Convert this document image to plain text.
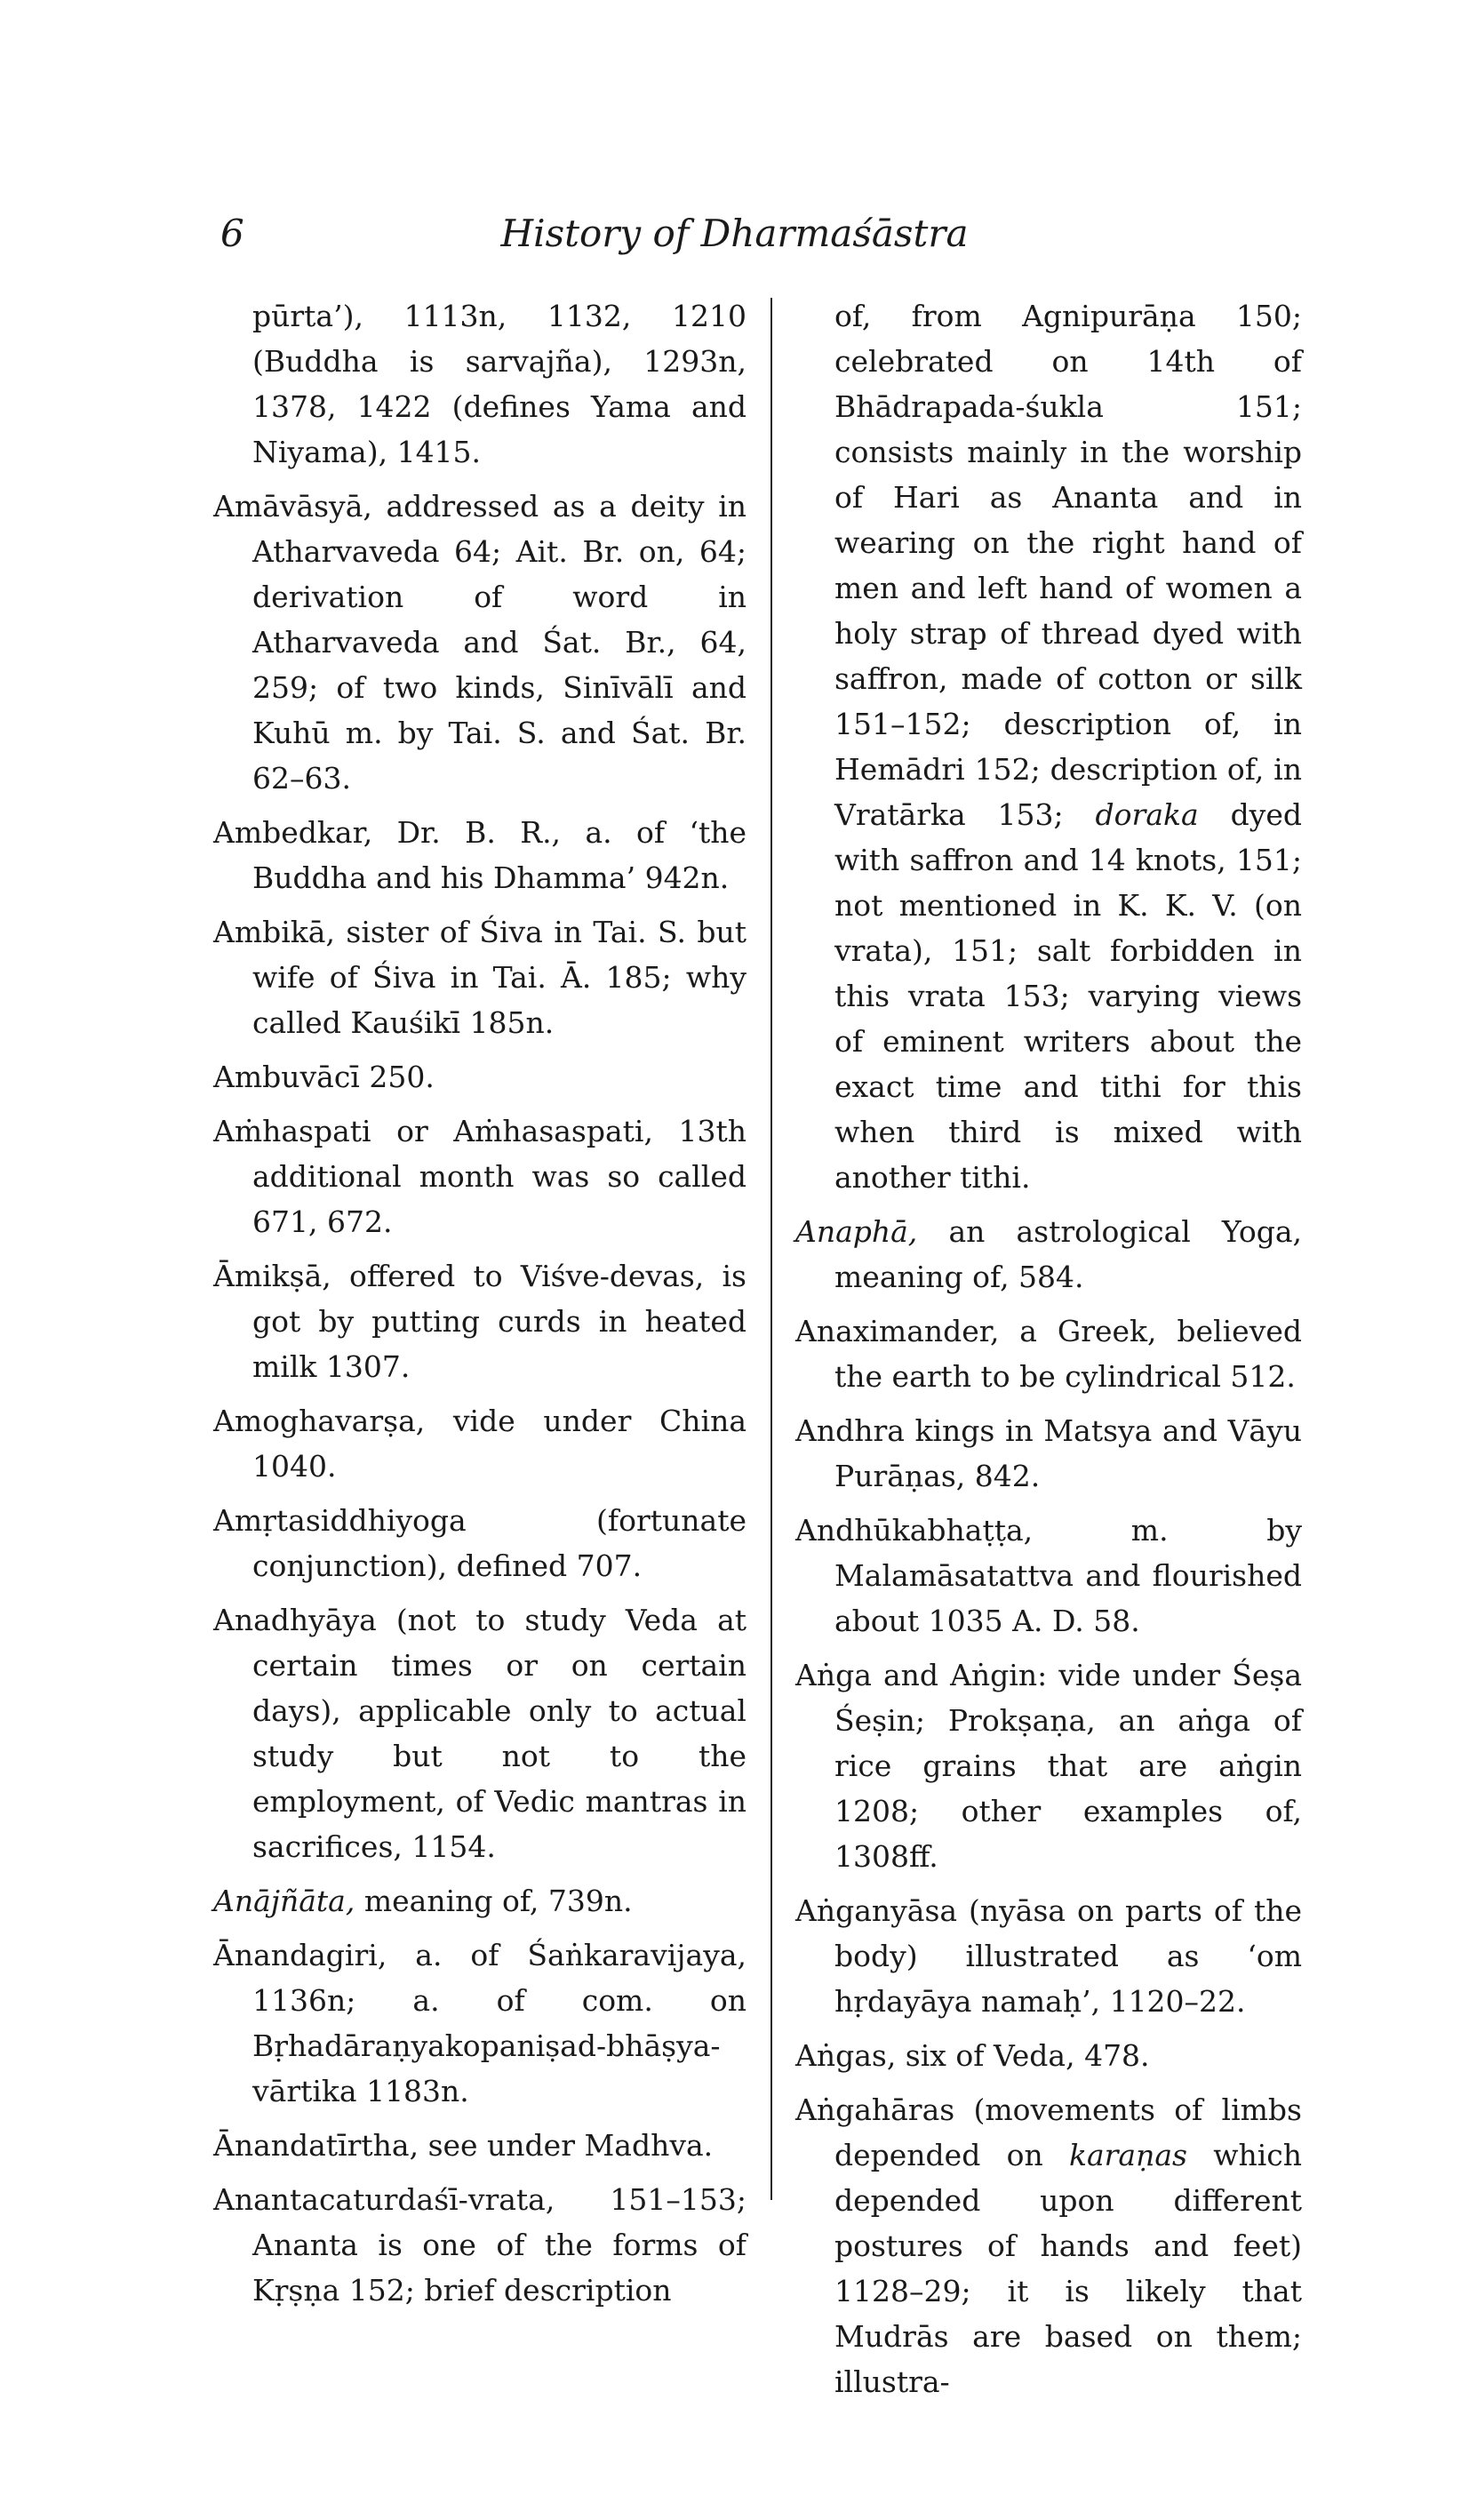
6	History of Dharmaśāstra

pūrta’), 1113n, 1132, 1210 (Buddha is sarvajña), 1293n, 1378, 1422 (defines Yama and Niyama), 1415.

Amāvāsyā, addressed as a deity in Atharvaveda 64; Ait. Br. on, 64; derivation of word in Atharvaveda and Śat. Br., 64, 259; of two kinds, Sinīvālī and Kuhū m. by Tai. S. and Śat. Br. 62–63.

Ambedkar, Dr. B. R., a. of ‘the Buddha and his Dhamma’ 942n.

Ambikā, sister of Śiva in Tai. S. but wife of Śiva in Tai. Ā. 185; why called Kauśikī 185n.

Ambuvācī 250.

Aṁhaspati or Aṁhasaspati, 13th additional month was so called 671, 672.

Āmikṣā, offered to Viśve-devas, is got by putting curds in heated milk 1307.

Amoghavarṣa, vide under China 1040.

Amṛtasiddhiyoga (fortunate conjunction), defined 707.

Anadhyāya (not to study Veda at certain times or on certain days), applicable only to actual study but not to the employment, of Vedic mantras in sacrifices, 1154.

Anājñāta, meaning of, 739n.

Ānandagiri, a. of Śaṅkaravijaya, 1136n; a. of com. on Bṛhadāraṇyakopaniṣad-bhāṣya-vārtika 1183n.

Ānandatīrtha, see under Madhva.

Anantacaturdaśī-vrata, 151–153; Ananta is one of the forms of Kṛṣṇa 152; brief description

of, from Agnipurāṇa 150; celebrated on 14th of Bhādrapada-śukla 151; consists mainly in the worship of Hari as Ananta and in wearing on the right hand of men and left hand of women a holy strap of thread dyed with saffron, made of cotton or silk 151–152; description of, in Hemādri 152; description of, in Vratārka 153; doraka dyed with saffron and 14 knots, 151; not mentioned in K. K. V. (on vrata), 151; salt forbidden in this vrata 153; varying views of eminent writers about the exact time and tithi for this when third is mixed with another tithi.

Anaphā, an astrological Yoga, meaning of, 584.

Anaximander, a Greek, believed the earth to be cylindrical 512.

Andhra kings in Matsya and Vāyu Purāṇas, 842.

Andhūkabhaṭṭa, m. by Malamāsatattva and flourished about 1035 A. D. 58.

Aṅga and Aṅgin: vide under Śeṣa Śeṣin; Prokṣaṇa, an aṅga of rice grains that are aṅgin 1208; other examples of, 1308ff.

Aṅganyāsa (nyāsa on parts of the body) illustrated as ‘om hṛdayāya namaḥ’, 1120–22.

Aṅgas, six of Veda, 478.

Aṅgahāras (movements of limbs depended on karaṇas which depended upon different postures of hands and feet) 1128–29; it is likely that Mudrās are based on them; illustra-
